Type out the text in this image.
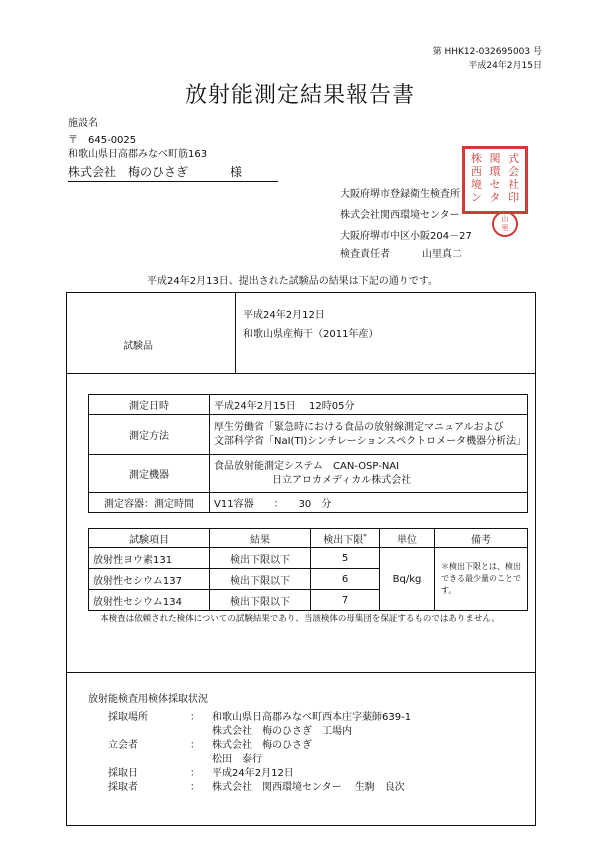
第 HHK12-032695003 号
平成24年2月15日
放射能測定結果報告書
施設名
〒　645-0025
和歌山県日高郡みなべ町筋163
株式会社　梅のひさぎ	様
大阪府堺市登録衛生検査所
株式会社関西環境センター
大阪府堺市中区小阪204－27
検査責任者	山里真二
株 関 式
西 環 会
境 セ 社
ン タ 印
山
里
平成24年2月13日、提出された試験品の結果は下記の通りです。
試験品
平成24年2月12日
和歌山県産梅干（2011年産）
測定日時	平成24年2月15日　 12時05分
測定方法	厚生労働省「緊急時における食品の放射線測定マニュアルおよび
文部科学省「NaI(Tl)シンチレーションスペクトロメータ機器分析法」

測定機器	食品放射能測定システム　CAN-OSP-NAI
日立アロカメディカル株式会社

測定容器：測定時間	V11容器　　：　　30　分
試験項目	結果	検出下限*	単位	備考
放射性ヨウ素131	検出下限以下	5	Bq/kg	＊検出下限とは、検出できる最少量のことです。
放射性セシウム137	検出下限以下	6		
放射性セシウム134	検出下限以下	7		
本検査は依頼された検体についての試験結果であり、当該検体の母集団を保証するものではありません。
放射能検査用検体採取状況
採取場所	： 和歌山県日高郡みなべ町西本庄字薬師639-1
株式会社　梅のひさぎ　工場内
立会者	： 株式会社　梅のひさぎ
松田　泰行
採取日	： 平成24年2月12日
採取者	： 株式会社　関西環境センター　 生駒　良次
